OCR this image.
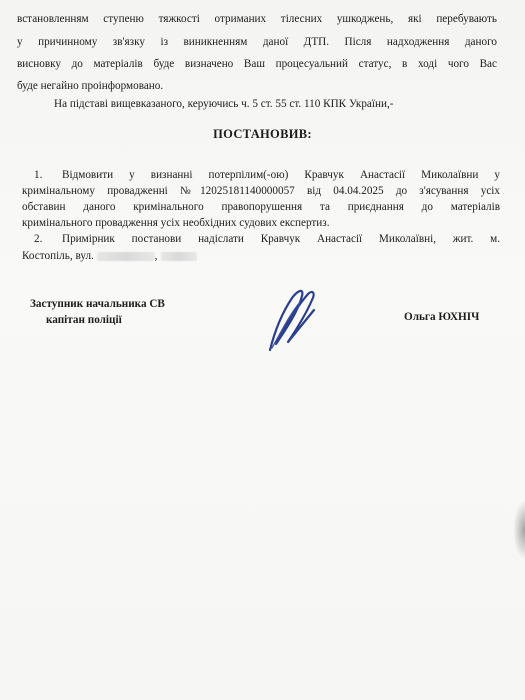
встановленням ступеню тяжкості отриманих тілесних ушкоджень, які перебувають
у причинному зв'язку із виникненням даної ДТП. Після надходження даного
висновку до матеріалів буде визначено Ваш процесуальний статус, в ході чого Вас
буде негайно проінформовано.
На підставі вищевказаного, керуючись ч. 5 ст. 55 ст. 110 КПК України,-
ПОСТАНОВИВ:
1. Відмовити у визнанні потерпілим(-ою) Кравчук Анастасії Миколаївни у
кримінальному провадженні №12025181140000057 від 04.04.2025 до з'ясування усіх
обставин даного кримінального правопорушення та приєднання до матеріалів
кримінального провадження усіх необхідних судових експертиз.
2. Примірник постанови надіслати Кравчук Анастасії Миколаївні, жит. м.
Костопіль, вул.	,
Заступник начальника СВ
капітан поліції	Ольга ЮХНІЧ
